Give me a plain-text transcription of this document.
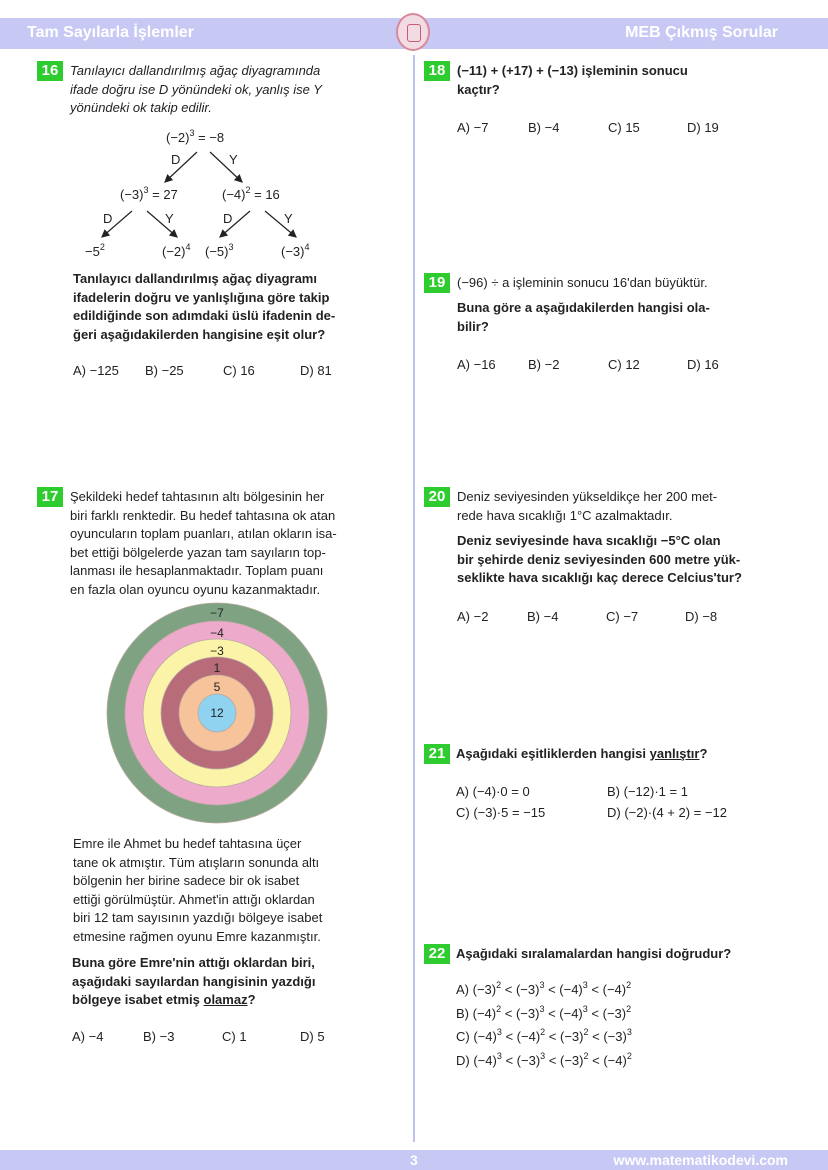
Tam Sayılarla İşlemler	MEB Çıkmış Sorular
16 Tanılayıcı dallandırılmış ağaç diyagramında
ifade doğru ise D yönündeki ok, yanlış ise Y
yönündeki ok takip edilir.
$(-2)^3 = -8$
D	Y
$(-3)^3 = 27$	$(-4)^2 = 16$
D	Y	D	Y
$-5^2$	$(-2)^4$ $(-5)^3$	$(-3)^4$
Tanılayıcı dallandırılmış ağaç diyagramı
ifadelerin doğru ve yanlışlığına göre takip
edildiğinde son adımdaki üslü ifadenin de-
ğeri aşağıdakilerden hangisine eşit olur?
A) −125 B) −25	C) 16	D) 81
17 Şekildeki hedef tahtasının altı bölgesinin her
biri farklı renktedir. Bu hedef tahtasına ok atan
oyuncuların toplam puanları, atılan okların isa-
bet ettiği bölgelerde yazan tam sayıların top-
lanması ile hesaplanmaktadır. Toplam puanı
en fazla olan oyuncu oyunu kazanmaktadır.
−7
−4
−3
1
5
12
Emre ile Ahmet bu hedef tahtasına üçer
tane ok atmıştır. Tüm atışların sonunda altı
bölgenin her birine sadece bir ok isabet
ettiği görülmüştür. Ahmet'in attığı oklardan
biri 12 tam sayısının yazdığı bölgeye isabet
etmesine rağmen oyunu Emre kazanmıştır.
Buna göre Emre'nin attığı oklardan biri,
aşağıdaki sayılardan hangisinin yazdığı
bölgeye isabet etmiş olamaz?
A) −4	B) −3	C) 1	D) 5
18 (−11) + (+17) + (−13) işleminin sonucu
kaçtır?
A) −7	B) −4	C) 15	D) 19
19 (−96) ÷ a işleminin sonucu 16'dan büyüktür.
Buna göre a aşağıdakilerden hangisi ola-
bilir?
A) −16 B) −2	C) 12	D) 16
20 Deniz seviyesinden yükseldikçe her 200 met-
rede hava sıcaklığı 1°C azalmaktadır.
Deniz seviyesinde hava sıcaklığı −5°C olan
bir şehirde deniz seviyesinden 600 metre yük-
seklikte hava sıcaklığı kaç derece Celcius'tur?
A) −2	B) −4	C) −7	D) −8
21 Aşağıdaki eşitliklerden hangisi yanlıştır?
A) (−4)·0 = 0	B) (−12)·1 = 1
C) (−3)·5 = −15	D) (−2)·(4 + 2) = −12
22 Aşağıdaki sıralamalardan hangisi doğrudur?
A) $(-3)^2 < (-3)^3 < (-4)^3 < (-4)^2$
B) $(-4)^2 < (-3)^3 < (-4)^3 < (-3)^2$
C) $(-4)^3 < (-4)^2 < (-3)^2 < (-3)^3$
D) $(-4)^3 < (-3)^3 < (-3)^2 < (-4)^2$
3	www.matematikodevi.com
